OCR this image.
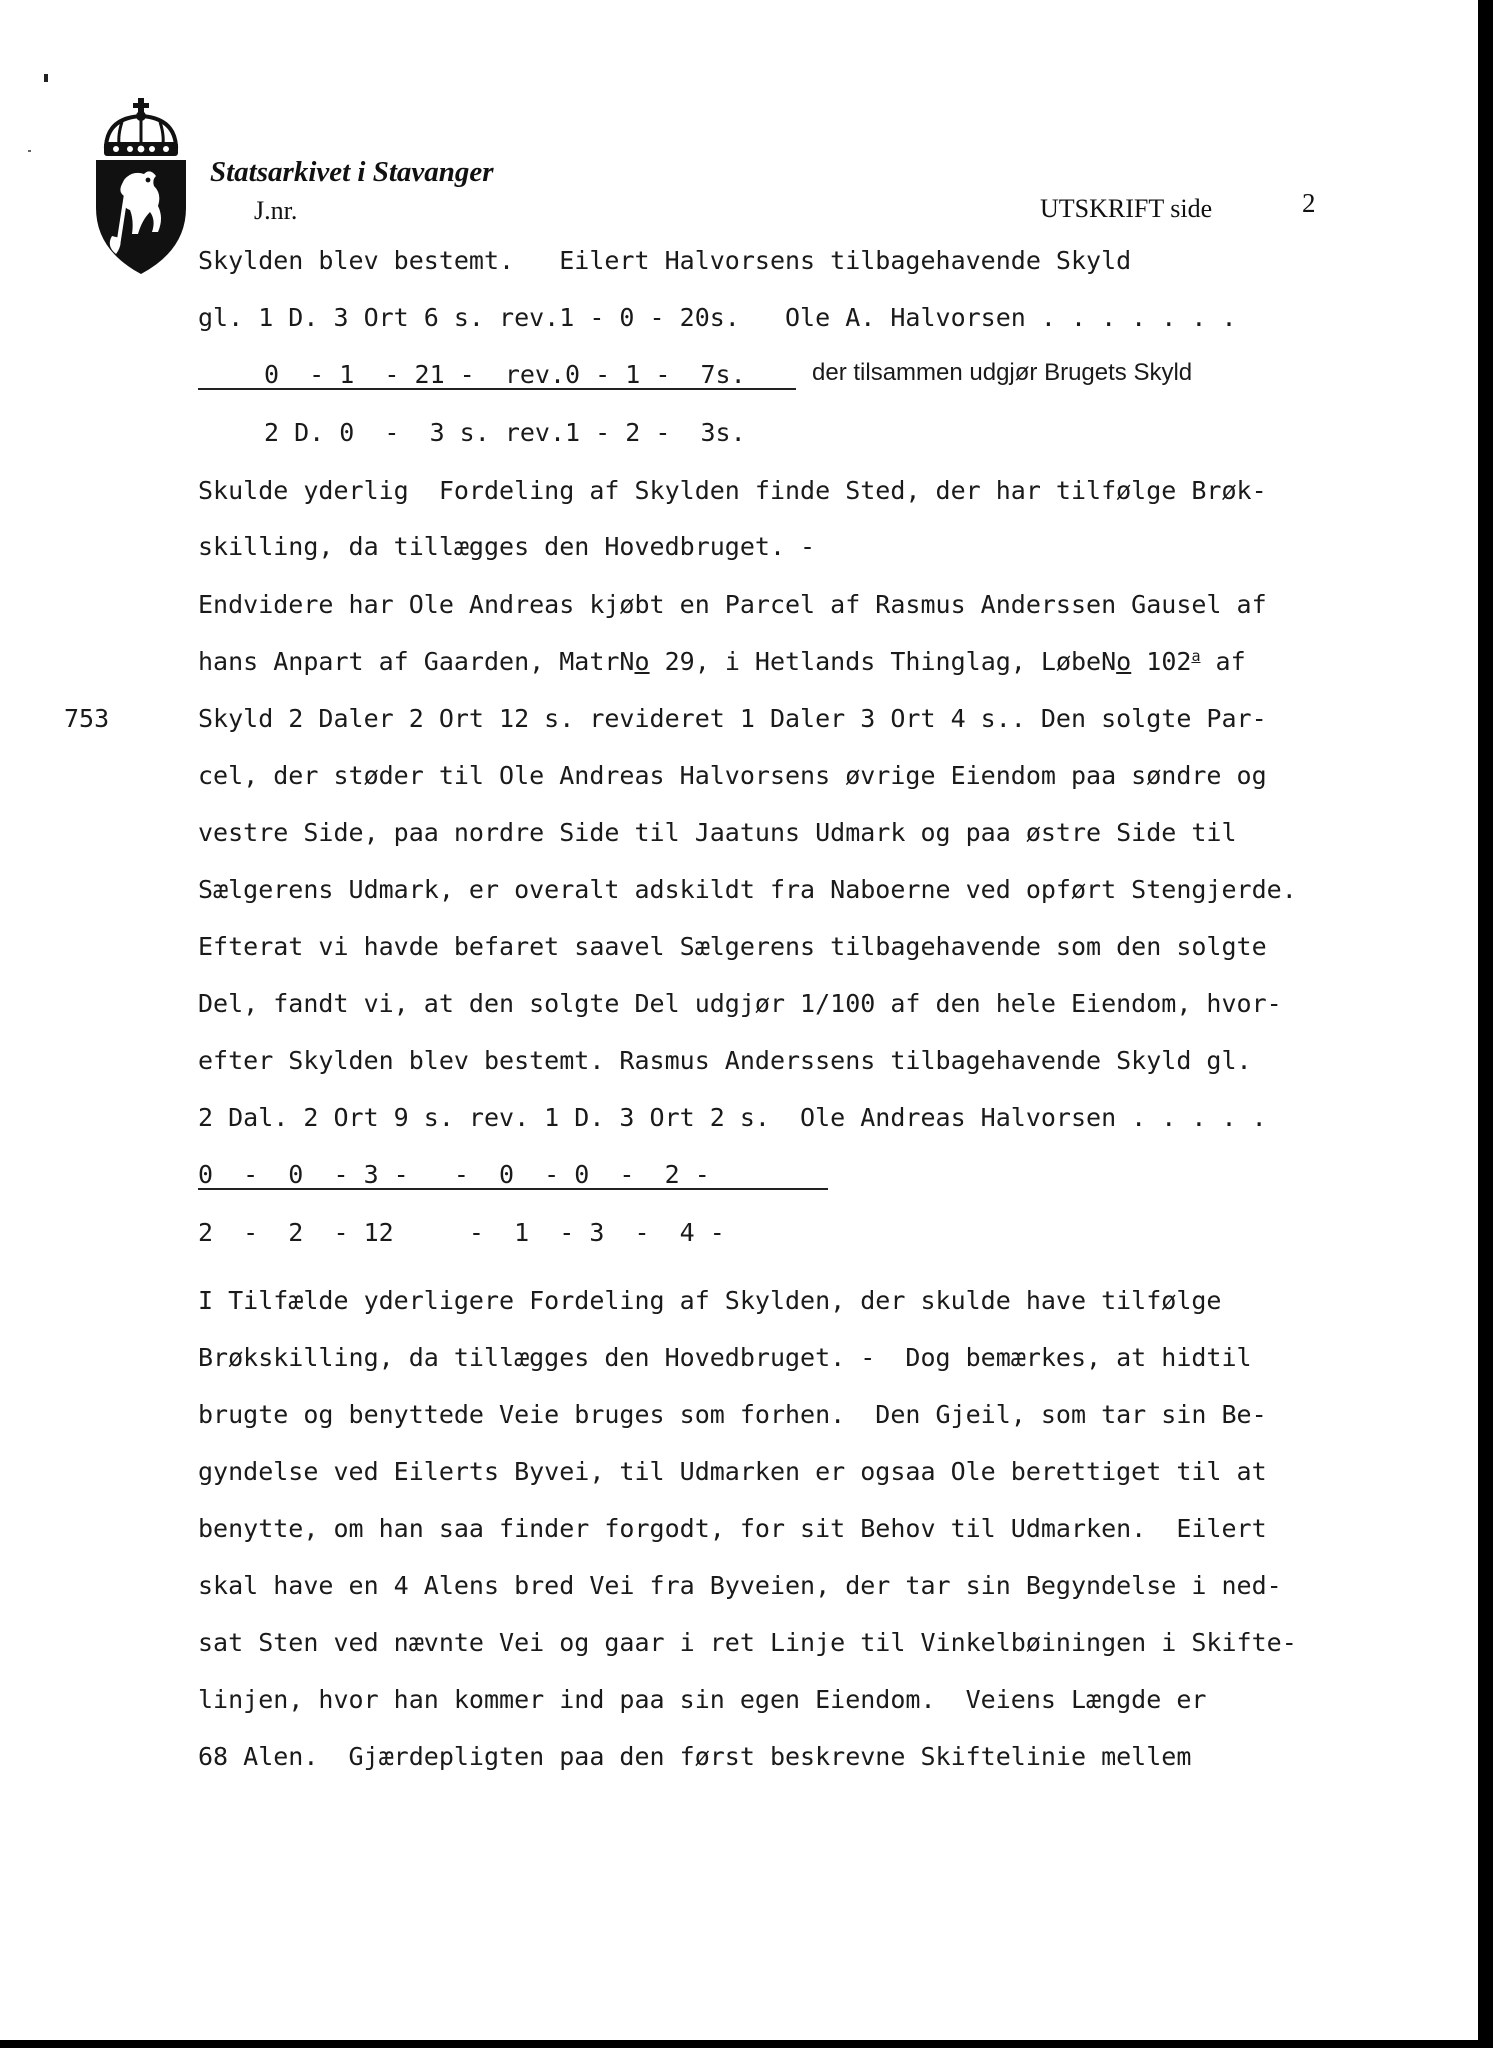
Statsarkivet i Stavanger
J.nr.	UTSKRIFT side	2
753
Skylden blev bestemt.   Eilert Halvorsens tilbagehavende Skyld
gl. 1 D. 3 Ort 6 s. rev.1 - 0 - 20s.   Ole A. Halvorsen . . . . . . .
0  - 1  - 21 -  rev.0 - 1 -  7s.	der tilsammen udgjør Brugets Skyld
2 D. 0  -  3 s. rev.1 - 2 -  3s.
Skulde yderlig  Fordeling af Skylden finde Sted, der har tilfølge Brøk-
skilling, da tillægges den Hovedbruget. -
Endvidere har Ole Andreas kjøbt en Parcel af Rasmus Anderssen Gausel af
hans Anpart af Gaarden, MatrNo 29, i Hetlands Thinglag, LøbeNo 102$^a$ af
Skyld 2 Daler 2 Ort 12 s. revideret 1 Daler 3 Ort 4 s.. Den solgte Par-
cel, der støder til Ole Andreas Halvorsens øvrige Eiendom paa søndre og
vestre Side, paa nordre Side til Jaatuns Udmark og paa østre Side til
Sælgerens Udmark, er overalt adskildt fra Naboerne ved opført Stengjerde.
Efterat vi havde befaret saavel Sælgerens tilbagehavende som den solgte
Del, fandt vi, at den solgte Del udgjør 1/100 af den hele Eiendom, hvor-
efter Skylden blev bestemt. Rasmus Anderssens tilbagehavende Skyld gl.
2 Dal. 2 Ort 9 s. rev. 1 D. 3 Ort 2 s.  Ole Andreas Halvorsen . . . . .
0  -  0  - 3 -   -  0  - 0  -  2 -
2  -  2  - 12     -  1  - 3  -  4 -
I Tilfælde yderligere Fordeling af Skylden, der skulde have tilfølge
Brøkskilling, da tillægges den Hovedbruget. -  Dog bemærkes, at hidtil
brugte og benyttede Veie bruges som forhen.  Den Gjeil, som tar sin Be-
gyndelse ved Eilerts Byvei, til Udmarken er ogsaa Ole berettiget til at
benytte, om han saa finder forgodt, for sit Behov til Udmarken.  Eilert
skal have en 4 Alens bred Vei fra Byveien, der tar sin Begyndelse i ned-
sat Sten ved nævnte Vei og gaar i ret Linje til Vinkelbøiningen i Skifte-
linjen, hvor han kommer ind paa sin egen Eiendom.  Veiens Længde er
68 Alen.  Gjærdepligten paa den først beskrevne Skiftelinie mellem
